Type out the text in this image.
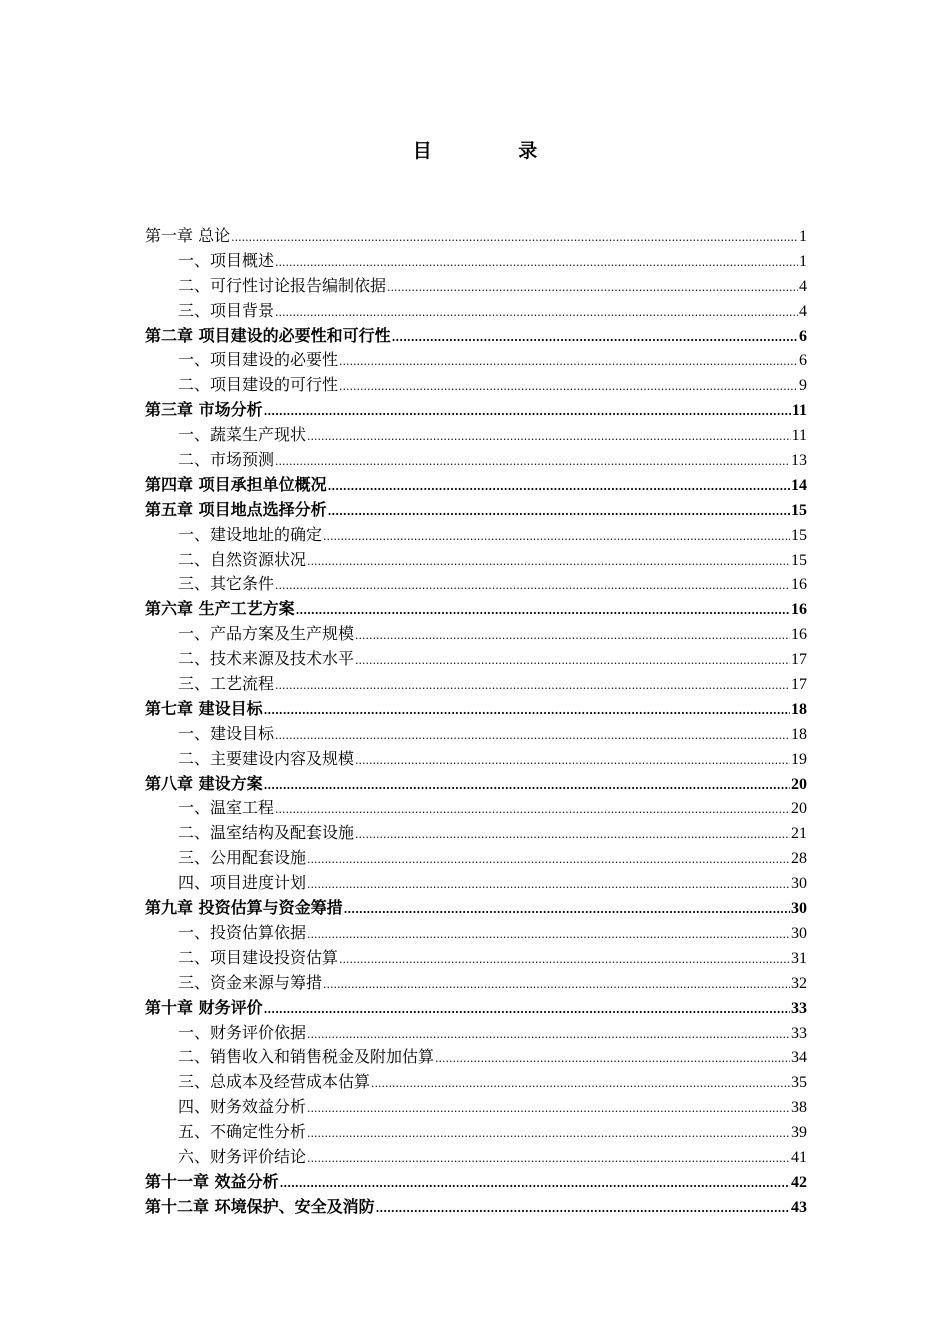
目 录
第一章 总论 .....	1
一、项目概述 .....	1
二、可行性讨论报告编制依据 .....	4
三、项目背景 .....	4
第二章 项目建设的必要性和可行性 .....	6
一、项目建设的必要性 .....	6
二、项目建设的可行性 .....	9
第三章 市场分析 .....	11
一、蔬菜生产现状 .....	11
二、市场预测 .....	13
第四章 项目承担单位概况 .....	14
第五章 项目地点选择分析 .....	15
一、建设地址的确定 .....	15
二、自然资源状况 .....	15
三、其它条件 .....	16
第六章 生产工艺方案 .....	16
一、产品方案及生产规模 .....	16
二、技术来源及技术水平 .....	17
三、工艺流程 .....	17
第七章 建设目标 .....	18
一、建设目标 .....	18
二、主要建设内容及规模 .....	19
第八章 建设方案 .....	20
一、温室工程 .....	20
二、温室结构及配套设施 .....	21
三、公用配套设施 .....	28
四、项目进度计划 .....	30
第九章 投资估算与资金筹措 .....	30
一、投资估算依据 .....	30
二、项目建设投资估算 .....	31
三、资金来源与筹措 .....	32
第十章 财务评价 .....	33
一、财务评价依据 .....	33
二、销售收入和销售税金及附加估算 .....	34
三、总成本及经营成本估算 .....	35
四、财务效益分析 .....	38
五、不确定性分析 .....	39
六、财务评价结论 .....	41
第十一章 效益分析 .....	42
第十二章 环境保护、安全及消防 .....	43
